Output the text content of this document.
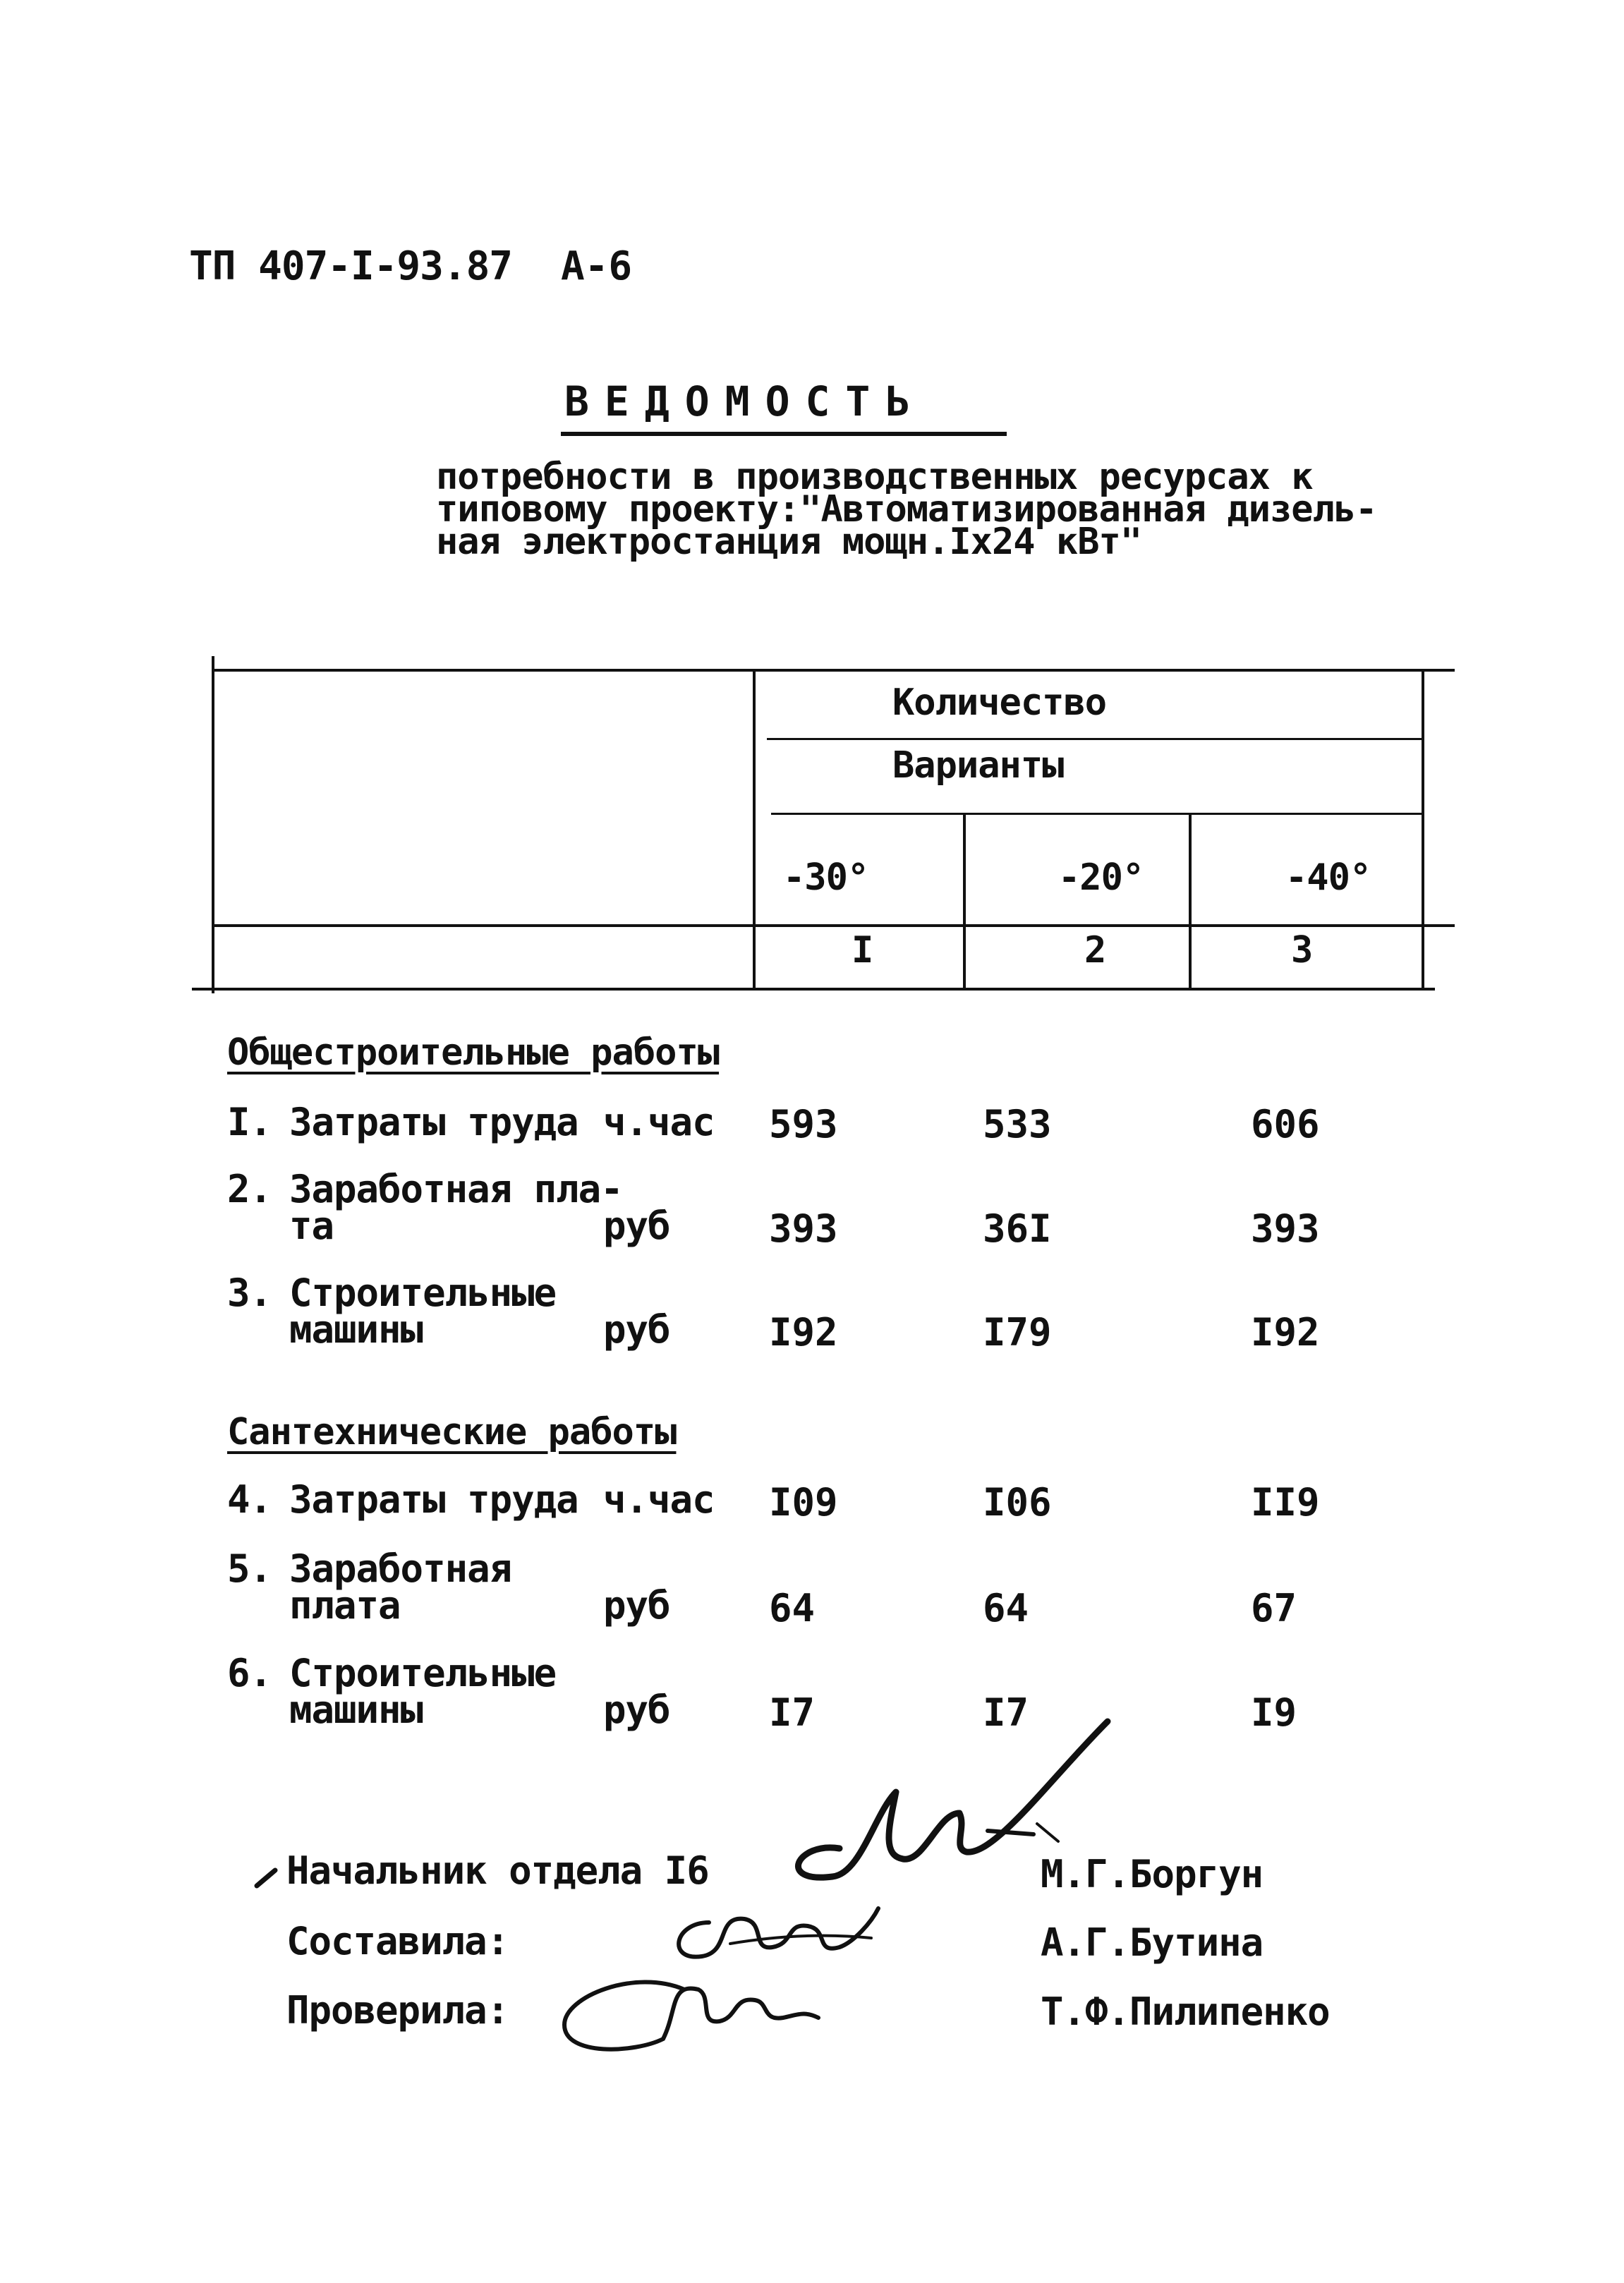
ТП 407-I-93.87 А-6
ВЕДОМОСТЬ
потребности в производственных ресурсах к
типовому проекту:"Автоматизированная дизель-
ная электростанция мощн.Iх24 кВт"
Количество
Варианты
-30°	-20°	-40°
I	2	3
Общестроительные работы
I. Затраты труда ч.час 593	533	606
2. Заработная пла-
та	руб	393	36I	393
3. Строительные
машины	руб	I92	I79	I92
Сантехнические работы
4. Затраты труда ч.час I09	I06	II9
5. Заработная
плата	руб	64	64	67
6. Строительные
машины	руб	I7	I7	I9
Начальник отдела I6	М.Г.Боргун
Составила:	А.Г.Бутина
Проверила:	Т.Ф.Пилипенко
